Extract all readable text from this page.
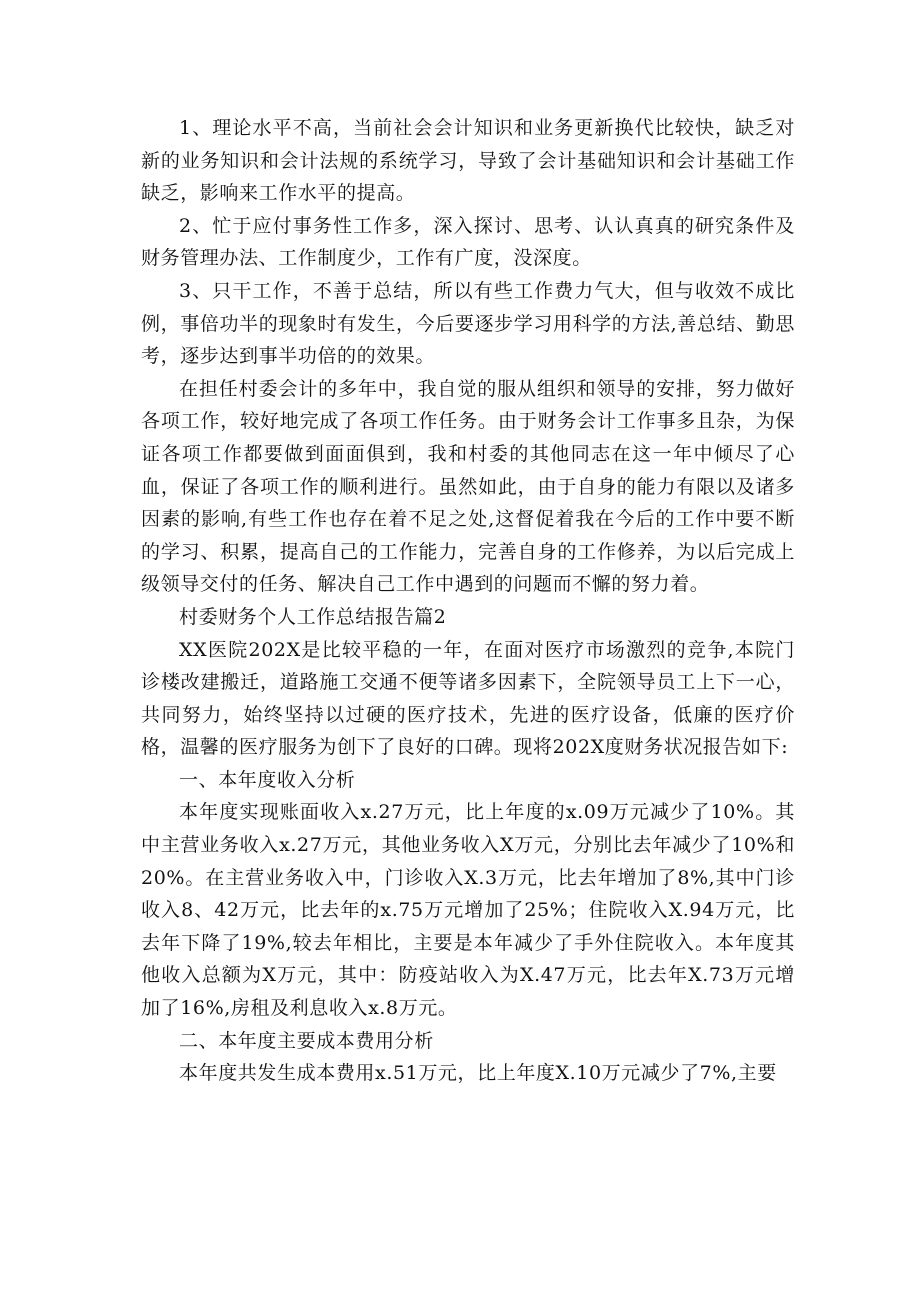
1、理论水平不高，当前社会会计知识和业务更新换代比较快，缺乏对新的业务知识和会计法规的系统学习，导致了会计基础知识和会计基础工作缺乏，影响来工作水平的提高。

2、忙于应付事务性工作多，深入探讨、思考、认认真真的研究条件及财务管理办法、工作制度少，工作有广度，没深度。

3、只干工作，不善于总结，所以有些工作费力气大，但与收效不成比例，事倍功半的现象时有发生，今后要逐步学习用科学的方法,善总结、勤思考，逐步达到事半功倍的的效果。

在担任村委会计的多年中，我自觉的服从组织和领导的安排，努力做好各项工作，较好地完成了各项工作任务。由于财务会计工作事多且杂，为保证各项工作都要做到面面俱到，我和村委的其他同志在这一年中倾尽了心血，保证了各项工作的顺利进行。虽然如此，由于自身的能力有限以及诸多因素的影响,有些工作也存在着不足之处,这督促着我在今后的工作中要不断的学习、积累，提高自己的工作能力，完善自身的工作修养，为以后完成上级领导交付的任务、解决自己工作中遇到的问题而不懈的努力着。

村委财务个人工作总结报告篇2

XX医院202X是比较平稳的一年，在面对医疗市场激烈的竞争,本院门诊楼改建搬迁，道路施工交通不便等诸多因素下，全院领导员工上下一心，共同努力，始终坚持以过硬的医疗技术，先进的医疗设备，低廉的医疗价格，温馨的医疗服务为创下了良好的口碑。现将202X度财务状况报告如下:

一、本年度收入分析

本年度实现账面收入x.27万元，比上年度的x.09万元减少了10%。其中主营业务收入x.27万元，其他业务收入X万元，分别比去年减少了10%和20%。在主营业务收入中，门诊收入X.3万元，比去年增加了8%,其中门诊收入8、42万元，比去年的x.75万元增加了25%；住院收入X.94万元，比去年下降了19%,较去年相比，主要是本年减少了手外住院收入。本年度其他收入总额为X万元，其中：防疫站收入为X.47万元，比去年X.73万元增加了16%,房租及利息收入x.8万元。

二、本年度主要成本费用分析

本年度共发生成本费用x.51万元，比上年度X.10万元减少了7%,主要
